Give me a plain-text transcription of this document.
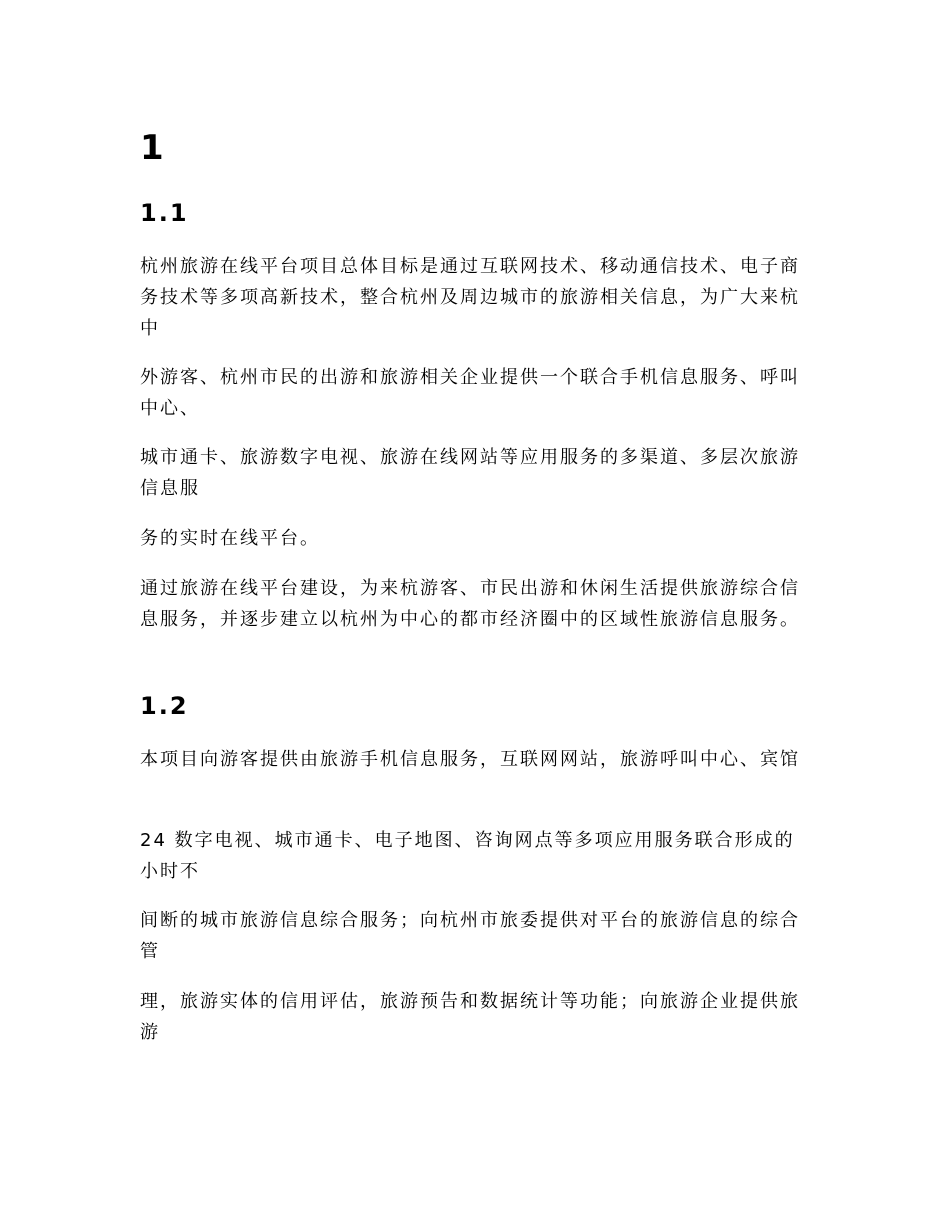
1
1.1

杭州旅游在线平台项目总体目标是通过互联网技术、移动通信技术、电子商务技术等多项高新技术，整合杭州及周边城市的旅游相关信息，为广大来杭中

外游客、杭州市民的出游和旅游相关企业提供一个联合手机信息服务、呼叫中心、

城市通卡、旅游数字电视、旅游在线网站等应用服务的多渠道、多层次旅游信息服

务的实时在线平台。

通过旅游在线平台建设，为来杭游客、市民出游和休闲生活提供旅游综合信息服务，并逐步建立以杭州为中心的都市经济圈中的区域性旅游信息服务。

1.2

本项目向游客提供由旅游手机信息服务，互联网网站，旅游呼叫中心、宾馆

24 数字电视、城市通卡、电子地图、咨询网点等多项应用服务联合形成的小时不

间断的城市旅游信息综合服务；向杭州市旅委提供对平台的旅游信息的综合管

理，旅游实体的信用评估，旅游预告和数据统计等功能；向旅游企业提供旅游
